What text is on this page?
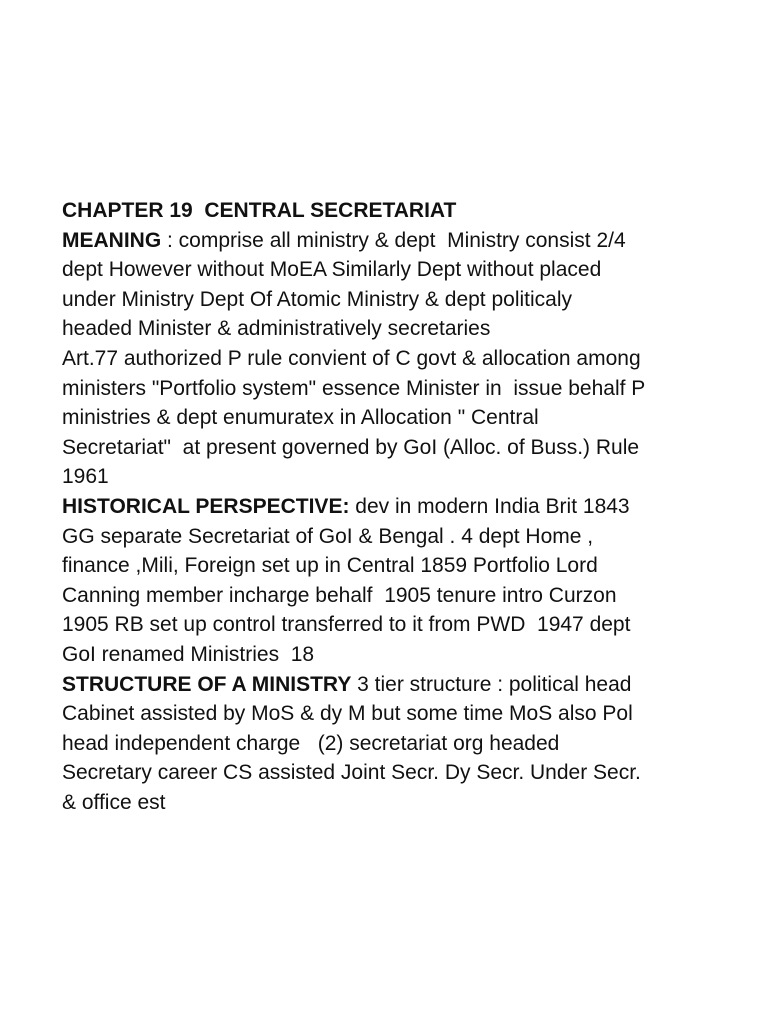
CHAPTER 19  CENTRAL SECRETARIAT
MEANING : comprise all ministry & dept  Ministry consist 2/4
dept However without MoEA Similarly Dept without placed
under Ministry Dept Of Atomic Ministry & dept politicaly
headed Minister & administratively secretaries
Art.77 authorized P rule convient of C govt & allocation among
ministers "Portfolio system" essence Minister in  issue behalf P
ministries & dept enumuratex in Allocation " Central
Secretariat"  at present governed by GoI (Alloc. of Buss.) Rule
1961
HISTORICAL PERSPECTIVE: dev in modern India Brit 1843
GG separate Secretariat of GoI & Bengal . 4 dept Home ,
finance ,Mili, Foreign set up in Central 1859 Portfolio Lord
Canning member incharge behalf  1905 tenure intro Curzon
1905 RB set up control transferred to it from PWD  1947 dept
GoI renamed Ministries  18
STRUCTURE OF A MINISTRY 3 tier structure : political head
Cabinet assisted by MoS & dy M but some time MoS also Pol
head independent charge   (2) secretariat org headed
Secretary career CS assisted Joint Secr. Dy Secr. Under Secr.
& office est
